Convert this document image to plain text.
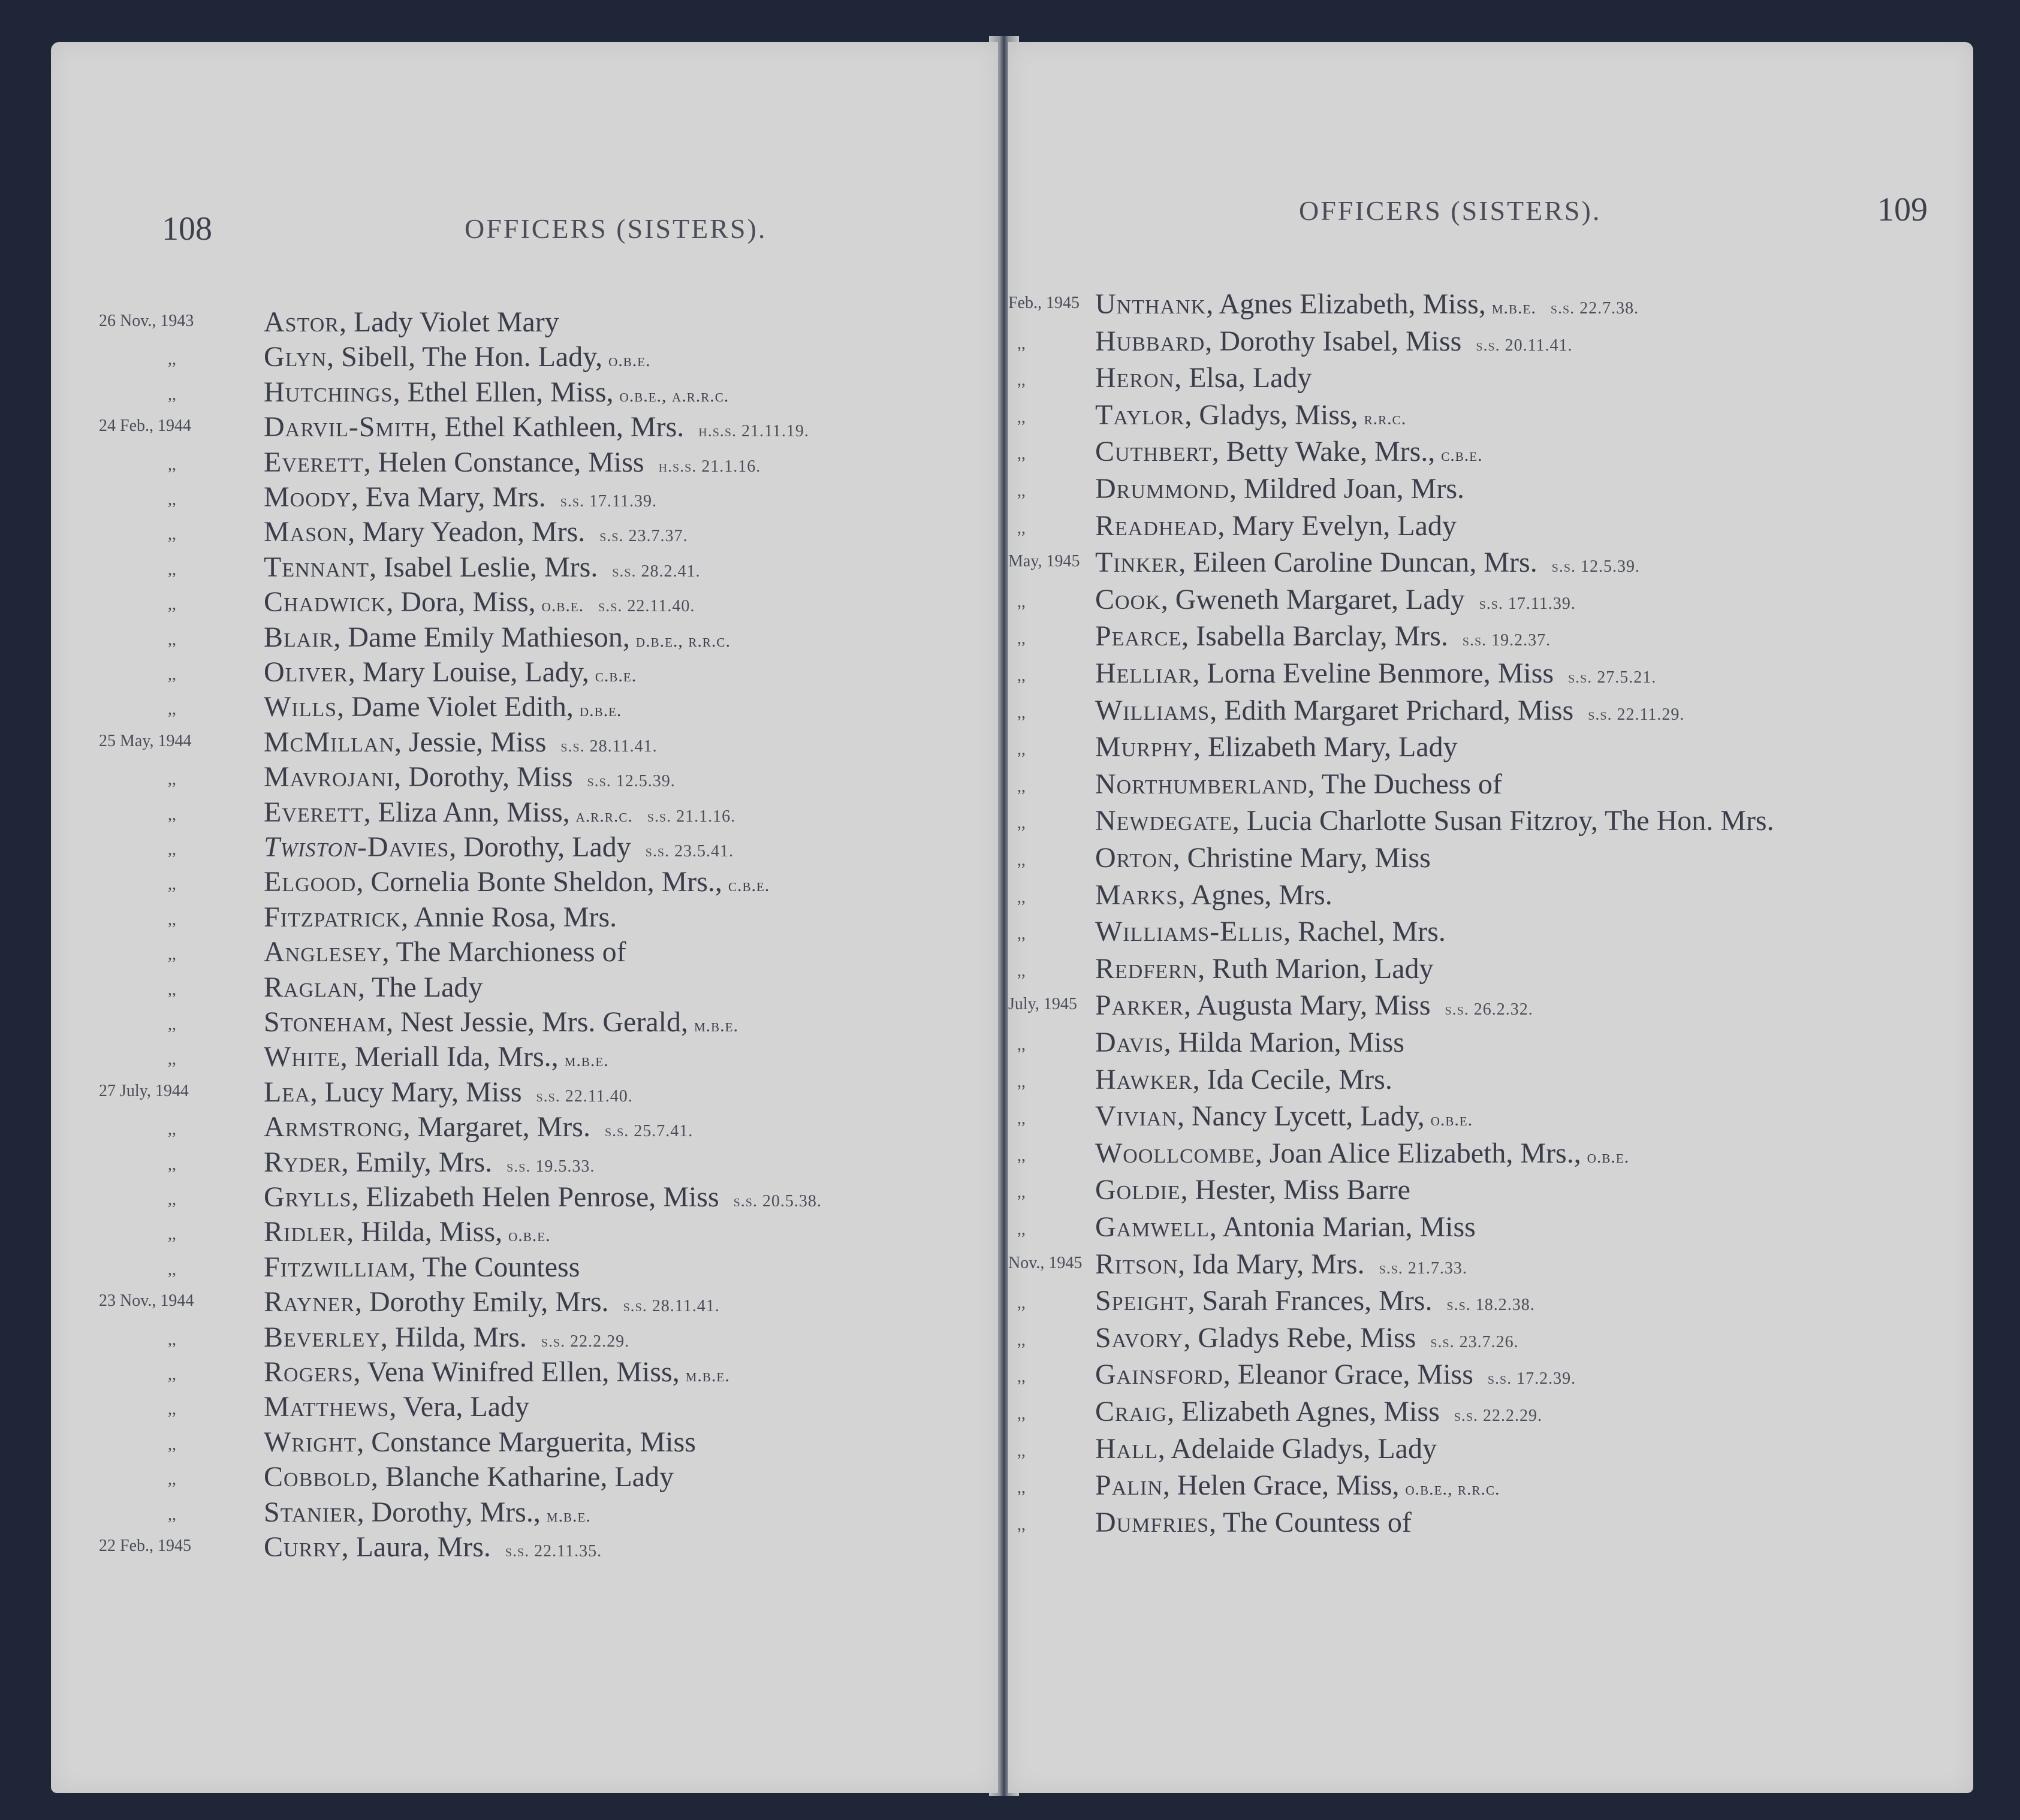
108	OFFICERS (SISTERS).
26 Nov., 1943 Astor, Lady Violet Mary
,,	Glyn, Sibell, The Hon. Lady, o.b.e.
,,	Hutchings, Ethel Ellen, Miss, o.b.e., a.r.r.c.
24 Feb., 1944	Darvil-Smith, Ethel Kathleen, Mrs. h.s.s. 21.11.19.
,,	Everett, Helen Constance, Miss h.s.s. 21.1.16.
,,	Moody, Eva Mary, Mrs. s.s. 17.11.39.
,,	Mason, Mary Yeadon, Mrs. s.s. 23.7.37.
,,	Tennant, Isabel Leslie, Mrs. s.s. 28.2.41.
,,	Chadwick, Dora, Miss, o.b.e. s.s. 22.11.40.
,,	Blair, Dame Emily Mathieson, d.b.e., r.r.c.
,,	Oliver, Mary Louise, Lady, c.b.e.
,,	Wills, Dame Violet Edith, d.b.e.
25 May, 1944	McMillan, Jessie, Miss s.s. 28.11.41.
,,	Mavrojani, Dorothy, Miss s.s. 12.5.39.
,,	Everett, Eliza Ann, Miss, a.r.r.c. s.s. 21.1.16.
,,	Twiston-Davies, Dorothy, Lady s.s. 23.5.41.
,,	Elgood, Cornelia Bonte Sheldon, Mrs., c.b.e.
,,	Fitzpatrick, Annie Rosa, Mrs.
,,	Anglesey, The Marchioness of
,,	Raglan, The Lady
,,	Stoneham, Nest Jessie, Mrs. Gerald, m.b.e.
,,	White, Meriall Ida, Mrs., m.b.e.
27 July, 1944	Lea, Lucy Mary, Miss s.s. 22.11.40.
,,	Armstrong, Margaret, Mrs. s.s. 25.7.41.
,,	Ryder, Emily, Mrs. s.s. 19.5.33.
,,	Grylls, Elizabeth Helen Penrose, Miss s.s. 20.5.38.
,,	Ridler, Hilda, Miss, o.b.e.
,,	Fitzwilliam, The Countess
23 Nov., 1944 Rayner, Dorothy Emily, Mrs. s.s. 28.11.41.
,,	Beverley, Hilda, Mrs. s.s. 22.2.29.
,,	Rogers, Vena Winifred Ellen, Miss, m.b.e.
,,	Matthews, Vera, Lady
,,	Wright, Constance Marguerita, Miss
,,	Cobbold, Blanche Katharine, Lady
,,	Stanier, Dorothy, Mrs., m.b.e.
22 Feb., 1945	Curry, Laura, Mrs. s.s. 22.11.35.
OFFICERS (SISTERS).	109
Feb., 1945 Unthank, Agnes Elizabeth, Miss, m.b.e. s.s. 22.7.38.
,, Hubbard, Dorothy Isabel, Miss s.s. 20.11.41.
,, Heron, Elsa, Lady
,, Taylor, Gladys, Miss, r.r.c.
,, Cuthbert, Betty Wake, Mrs., c.b.e.
,, Drummond, Mildred Joan, Mrs.
,, Readhead, Mary Evelyn, Lady
May, 1945 Tinker, Eileen Caroline Duncan, Mrs. s.s. 12.5.39.
,, Cook, Gweneth Margaret, Lady s.s. 17.11.39.
,, Pearce, Isabella Barclay, Mrs. s.s. 19.2.37.
,, Helliar, Lorna Eveline Benmore, Miss s.s. 27.5.21.
,, Williams, Edith Margaret Prichard, Miss s.s. 22.11.29.
,, Murphy, Elizabeth Mary, Lady
,, Northumberland, The Duchess of
,, Newdegate, Lucia Charlotte Susan Fitzroy, The Hon. Mrs.
,, Orton, Christine Mary, Miss
,, Marks, Agnes, Mrs.
,, Williams-Ellis, Rachel, Mrs.
,, Redfern, Ruth Marion, Lady
July, 1945 Parker, Augusta Mary, Miss s.s. 26.2.32.
,, Davis, Hilda Marion, Miss
,, Hawker, Ida Cecile, Mrs.
,, Vivian, Nancy Lycett, Lady, o.b.e.
,, Woollcombe, Joan Alice Elizabeth, Mrs., o.b.e.
,, Goldie, Hester, Miss Barre
,, Gamwell, Antonia Marian, Miss
Nov., 1945 Ritson, Ida Mary, Mrs. s.s. 21.7.33.
,, Speight, Sarah Frances, Mrs. s.s. 18.2.38.
,, Savory, Gladys Rebe, Miss s.s. 23.7.26.
,, Gainsford, Eleanor Grace, Miss s.s. 17.2.39.
,, Craig, Elizabeth Agnes, Miss s.s. 22.2.29.
,, Hall, Adelaide Gladys, Lady
,, Palin, Helen Grace, Miss, o.b.e., r.r.c.
,, Dumfries, The Countess of
